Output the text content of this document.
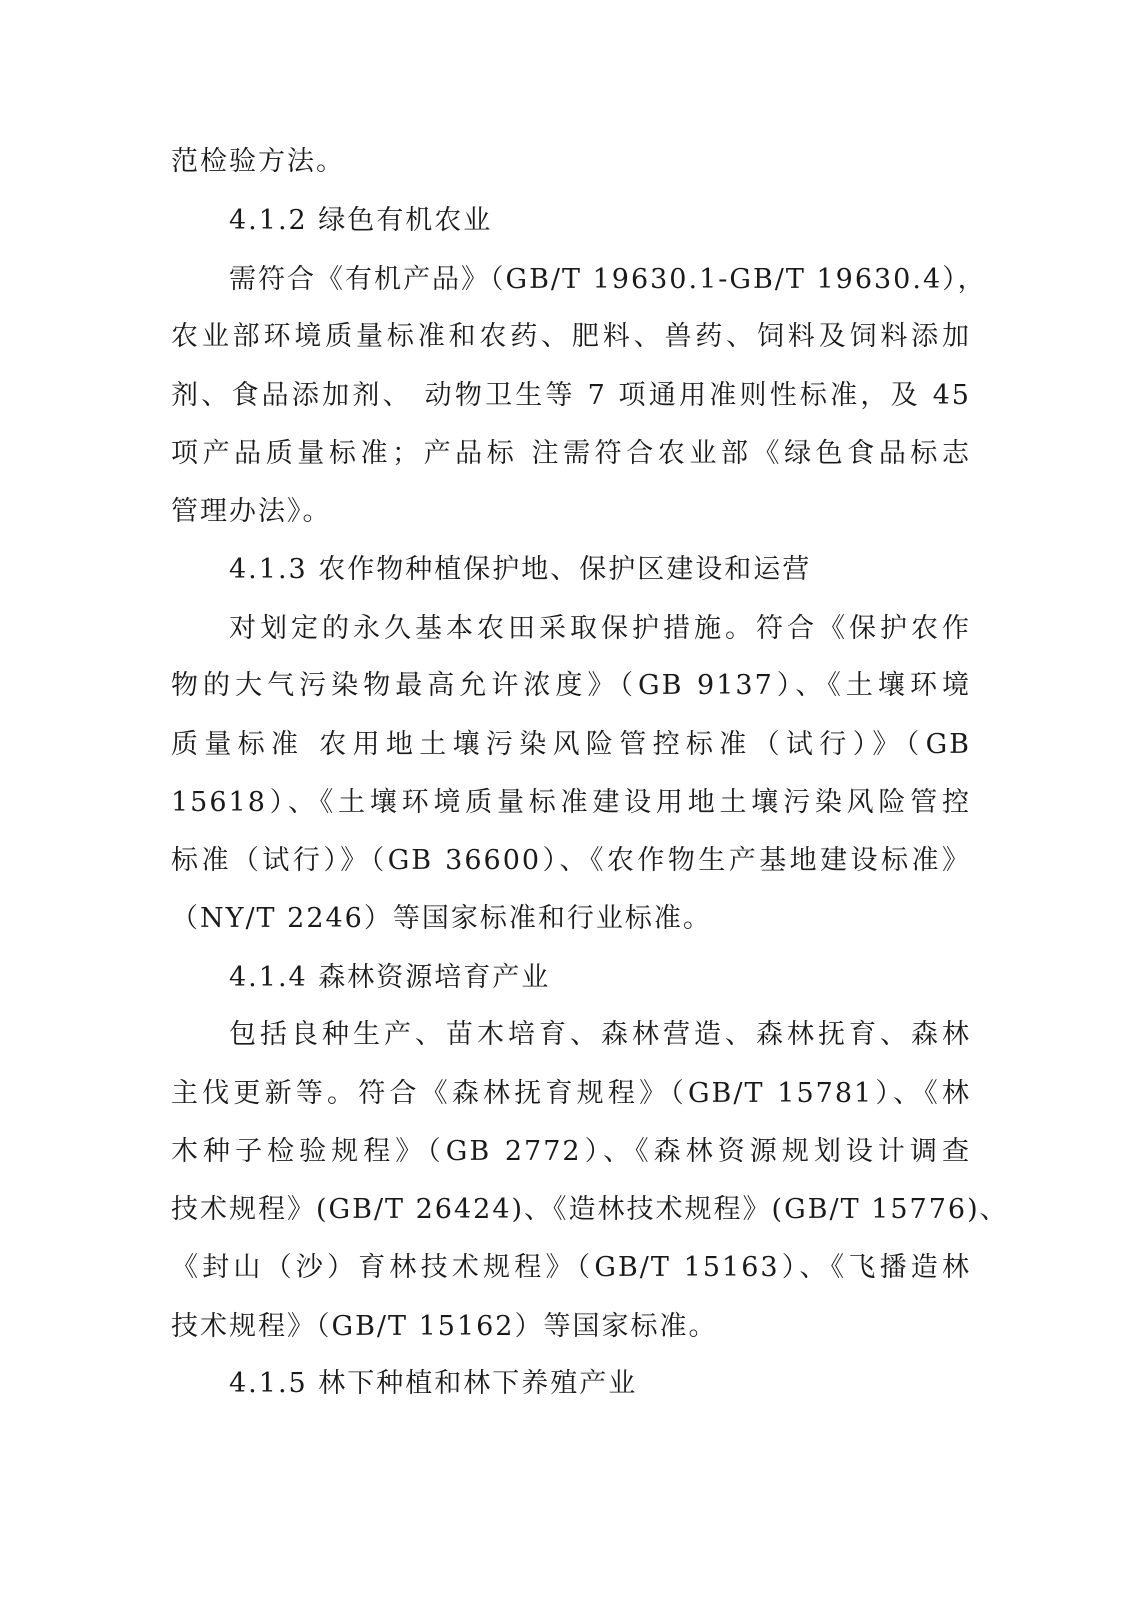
范检验方法。
4.1.2 绿色有机农业
需符合《有机产品》（GB/T 19630.1-GB/T 19630.4），
农业部环境质量标准和农药、肥料、兽药、饲料及饲料添加
剂、食品添加剂、 动物卫生等 7 项通用准则性标准，及 45
项产品质量标准；产品标 注需符合农业部《绿色食品标志
管理办法》。
4.1.3 农作物种植保护地、保护区建设和运营
对划定的永久基本农田采取保护措施。符合《保护农作
物的大气污染物最高允许浓度》（GB 9137）、《土壤环境
质量标准 农用地土壤污染风险管控标准（试行）》（GB
15618）、《土壤环境质量标准建设用地土壤污染风险管控
标准（试行）》（GB 36600）、《农作物生产基地建设标准》
（NY/T 2246）等国家标准和行业标准。
4.1.4 森林资源培育产业
包括良种生产、苗木培育、森林营造、森林抚育、森林
主伐更新等。符合《森林抚育规程》（GB/T 15781）、《林
木种子检验规程》（GB 2772）、《森林资源规划设计调查
技术规程》(GB/T 26424)、《造林技术规程》(GB/T 15776)、
《封山（沙）育林技术规程》（GB/T 15163）、《飞播造林
技术规程》（GB/T 15162）等国家标准。
4.1.5 林下种植和林下养殖产业
